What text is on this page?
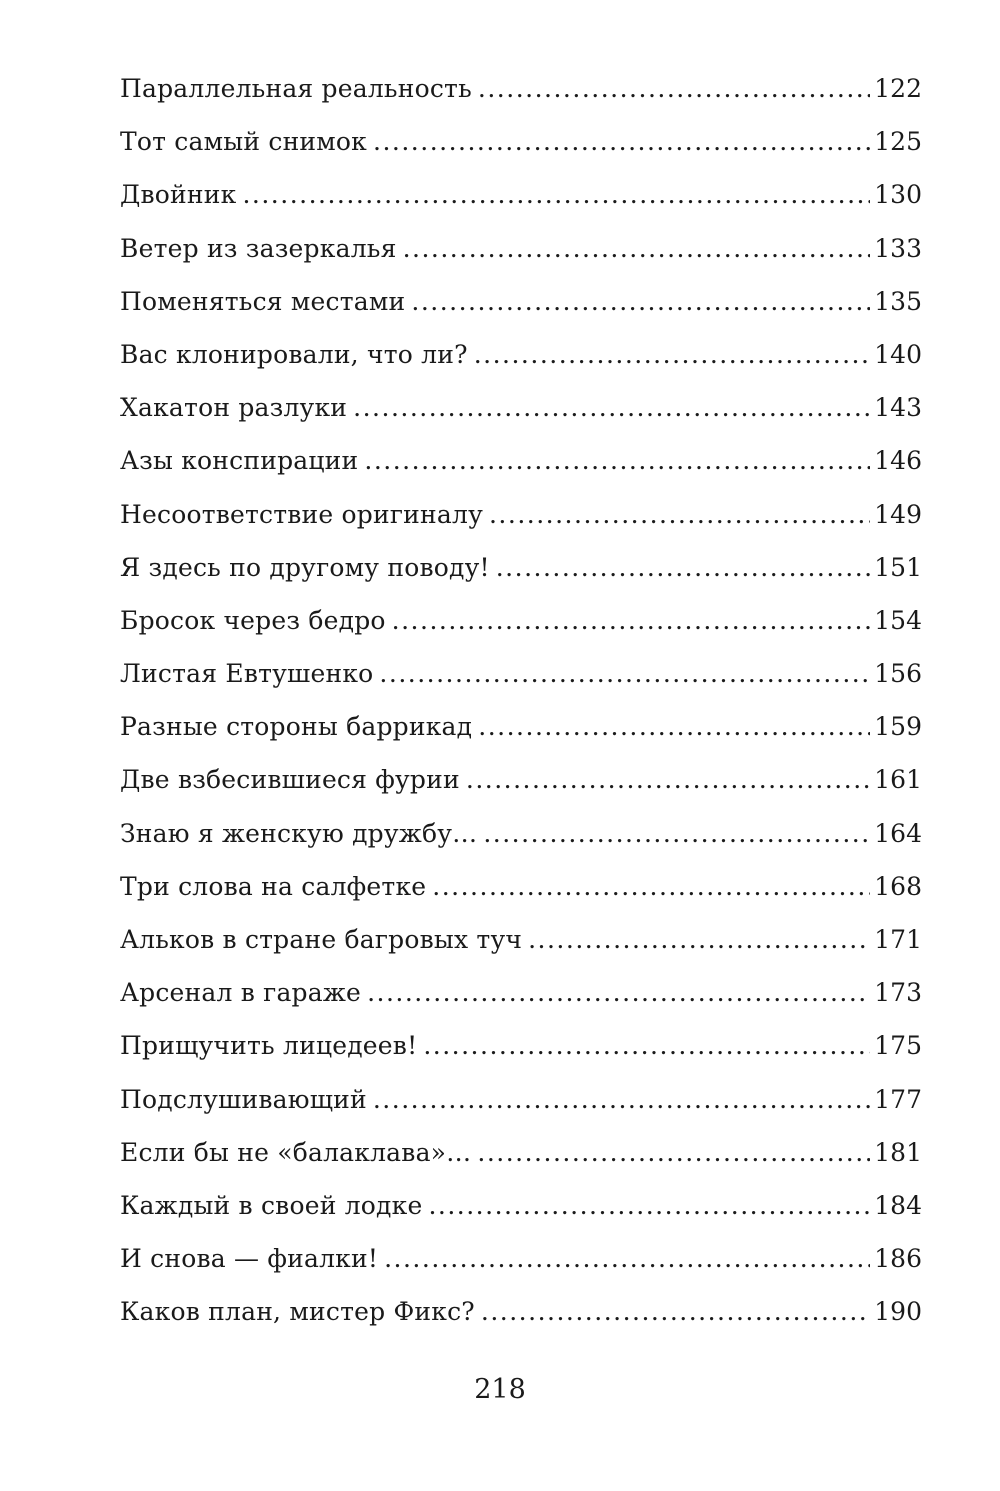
Параллельная реальность .....	122
Тот самый снимок .....	125
Двойник .....	130
Ветер из зазеркалья .....	133
Поменяться местами .....	135
Вас клонировали, что ли? .....	140
Хакатон разлуки .....	143
Азы конспирации .....	146
Несоответствие оригиналу .....	149
Я здесь по другому поводу! .....	151
Бросок через бедро .....	154
Листая Евтушенко .....	156
Разные стороны баррикад .....	159
Две взбесившиеся фурии .....	161
Знаю я женскую дружбу… .....	164
Три слова на салфетке .....	168
Альков в стране багровых туч .....	171
Арсенал в гараже .....	173
Прищучить лицедеев! .....	175
Подслушивающий .....	177
Если бы не «балаклава»… .....	181
Каждый в своей лодке .....	184
И снова — фиалки! .....	186
Каков план, мистер Фикс? .....	190
218
